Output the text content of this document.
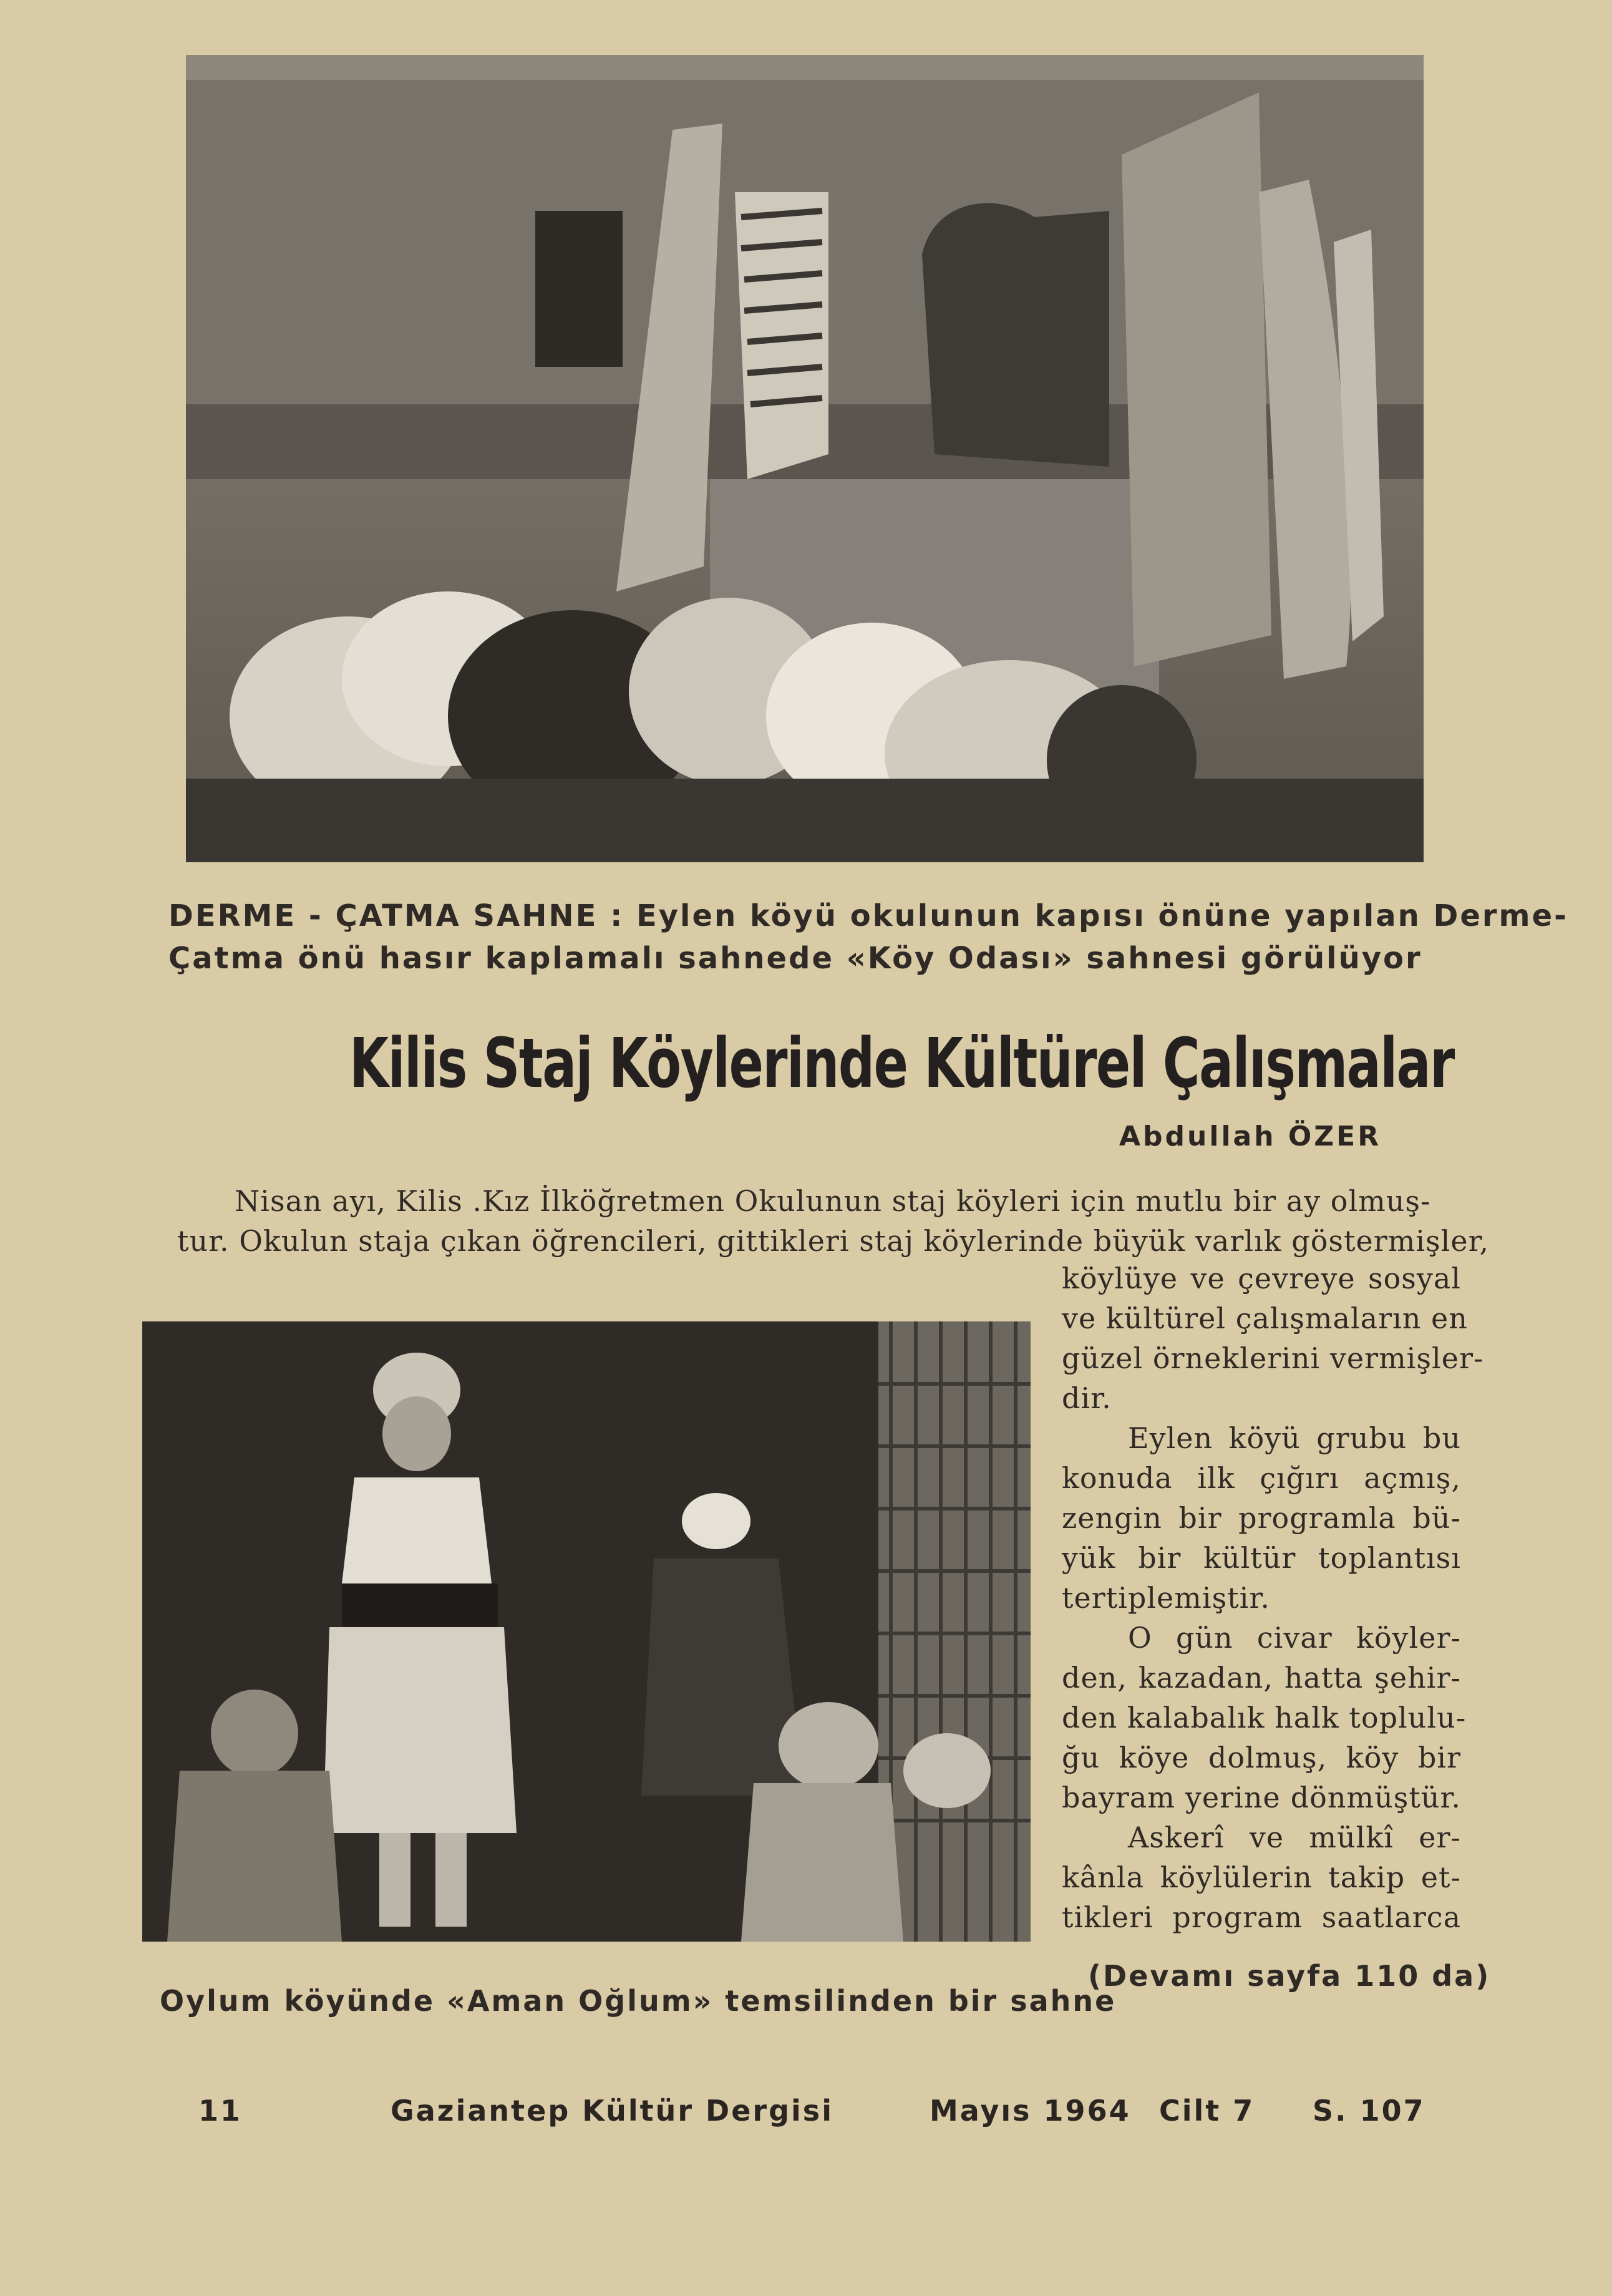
DERME - ÇATMA SAHNE : Eylen köyü okulunun kapısı önüne yapılan Derme-
Çatma önü hasır kaplamalı sahnede «Köy Odası» sahnesi görülüyor
Kilis Staj Köylerinde Kültürel Çalışmalar
Abdullah ÖZER
Nisan ayı, Kilis .Kız İlköğretmen Okulunun staj köyleri için mutlu bir ay olmuş-
tur. Okulun staja çıkan öğrencileri, gittikleri staj köylerinde büyük varlık göstermişler,
köylüye ve çevreye sosyal
ve kültürel çalışmaların en
güzel örneklerini vermişler-
dir.
Eylen köyü grubu bu
konuda ilk çığırı açmış,
zengin bir programla bü-
yük bir kültür toplantısı
tertiplemiştir.
O gün civar köyler-
den, kazadan, hatta şehir-
den kalabalık halk toplulu-
ğu köye dolmuş, köy bir
bayram yerine dönmüştür.
Askerî ve mülkî er-
kânla köylülerin takip et-
tikleri program saatlarca
(Devamı sayfa 110 da)
Oylum köyünde «Aman Oğlum» temsilinden bir sahne
11	Gaziantep Kültür Dergisi	Mayıs 1964 Cilt 7 S. 107
